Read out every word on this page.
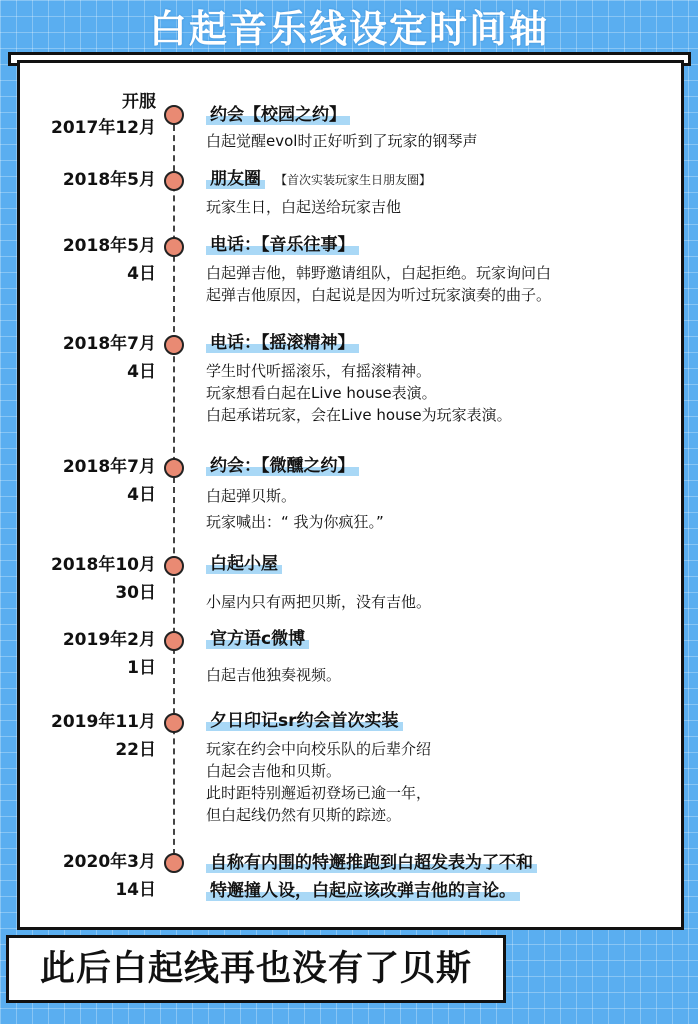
白起音乐线设定时间轴
开服
2017年12月
约会【校园之约】
白起觉醒evol时正好听到了玩家的钢琴声
2018年5月	朋友圈 【首次实装玩家生日朋友圈】
玩家生日，白起送给玩家吉他
2018年5月
4日
电话：【音乐往事】
白起弹吉他，韩野邀请组队，白起拒绝。玩家询问白
起弹吉他原因，白起说是因为听过玩家演奏的曲子。
2018年7月
4日
电话：【摇滚精神】
学生时代听摇滚乐，有摇滚精神。
玩家想看白起在Live house表演。
白起承诺玩家，会在Live house为玩家表演。
2018年7月
4日
约会：【微醺之约】
白起弹贝斯。
玩家喊出：“ 我为你疯狂。”
2018年10月
30日
白起小屋
小屋内只有两把贝斯，没有吉他。
2019年2月
1日
官方语c微博
白起吉他独奏视频。
2019年11月
22日
夕日印记sr约会首次实装
玩家在约会中向校乐队的后辈介绍
白起会吉他和贝斯。
此时距特别邂逅初登场已逾一年，
但白起线仍然有贝斯的踪迹。
2020年3月
14日
自称有内围的特邂推跑到白超发表为了不和
特邂撞人设，白起应该改弹吉他的言论。
此后白起线再也没有了贝斯
